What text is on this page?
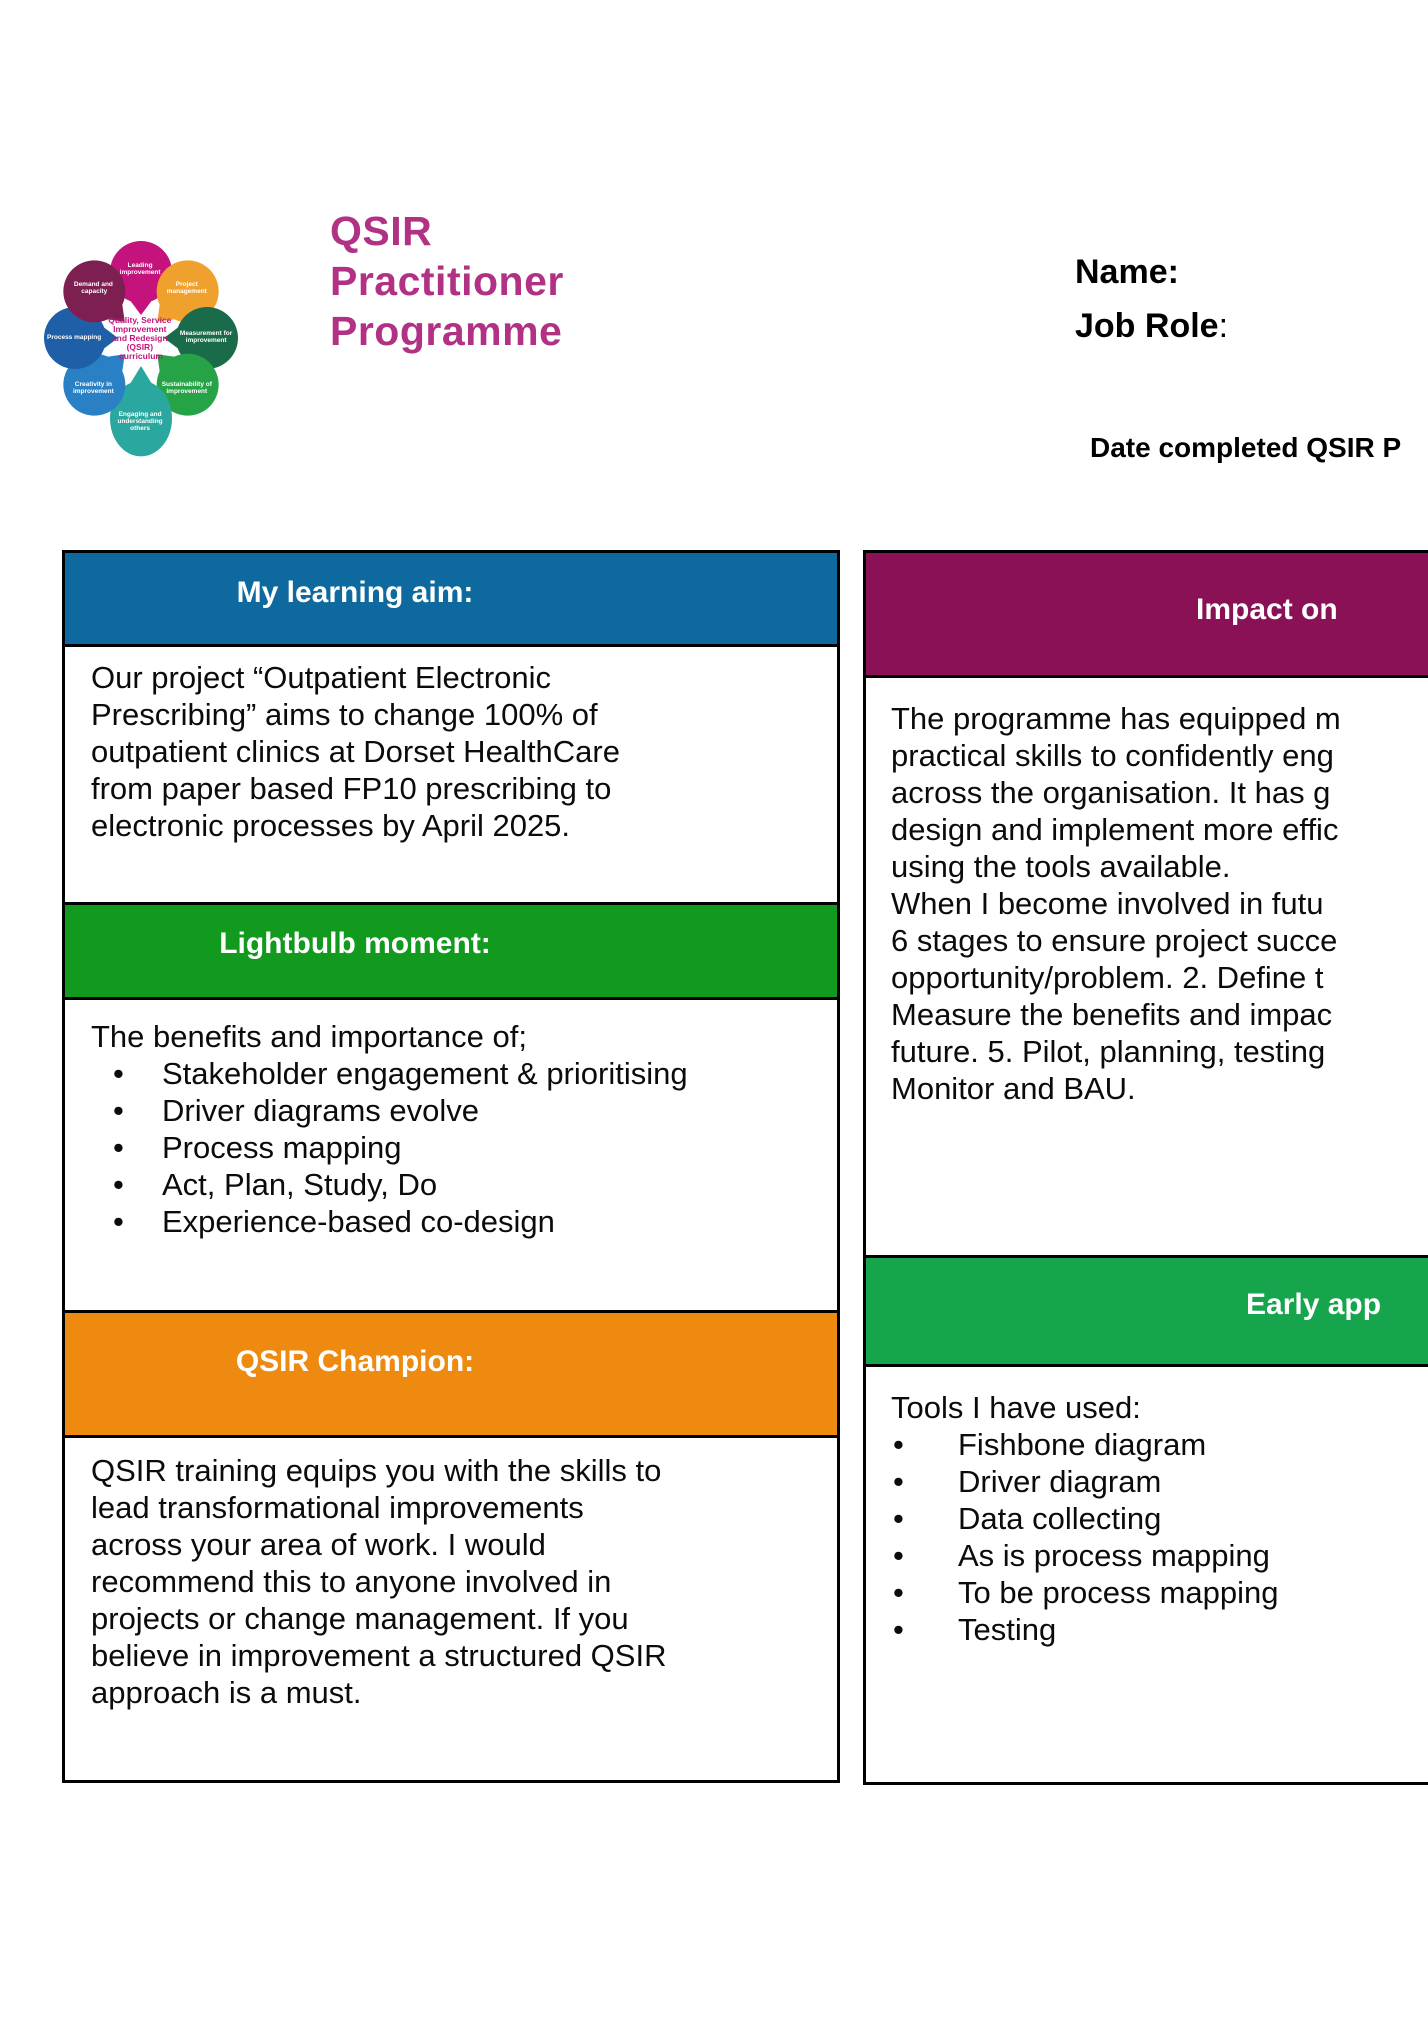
Leading improvement Project management Measurement for improvement Sustainability of improvement Engaging and understanding others Creativity in improvement Process mapping Demand and capacity
Quality, Service Improvement and Redesign (QSIR) curriculum
QSIR
Practitioner
Programme
Name:
Job Role:
Date completed QSIR P
My learning aim:
Our project “Outpatient Electronic
Prescribing” aims to change 100% of
outpatient clinics at Dorset HealthCare
from paper based FP10 prescribing to
electronic processes by April 2025.
Lightbulb moment:
The benefits and importance of;
•	Stakeholder engagement & prioritising
•	Driver diagrams evolve
•	Process mapping
•	Act, Plan, Study, Do
•	Experience-based co-design
QSIR Champion:
QSIR training equips you with the skills to
lead transformational improvements
across your area of work. I would
recommend this to anyone involved in
projects or change management. If you
believe in improvement a structured QSIR
approach is a must.
Impact on
The programme has equipped m
practical skills to confidently eng
across the organisation. It has g
design and implement more effic
using the tools available.
When I become involved in futu
6 stages to ensure project succe
opportunity/problem. 2. Define t
Measure the benefits and impac
future. 5. Pilot, planning, testing
Monitor and BAU.
Early app
Tools I have used:
•	Fishbone diagram
•	Driver diagram
•	Data collecting
•	As is process mapping
•	To be process mapping
•	Testing
